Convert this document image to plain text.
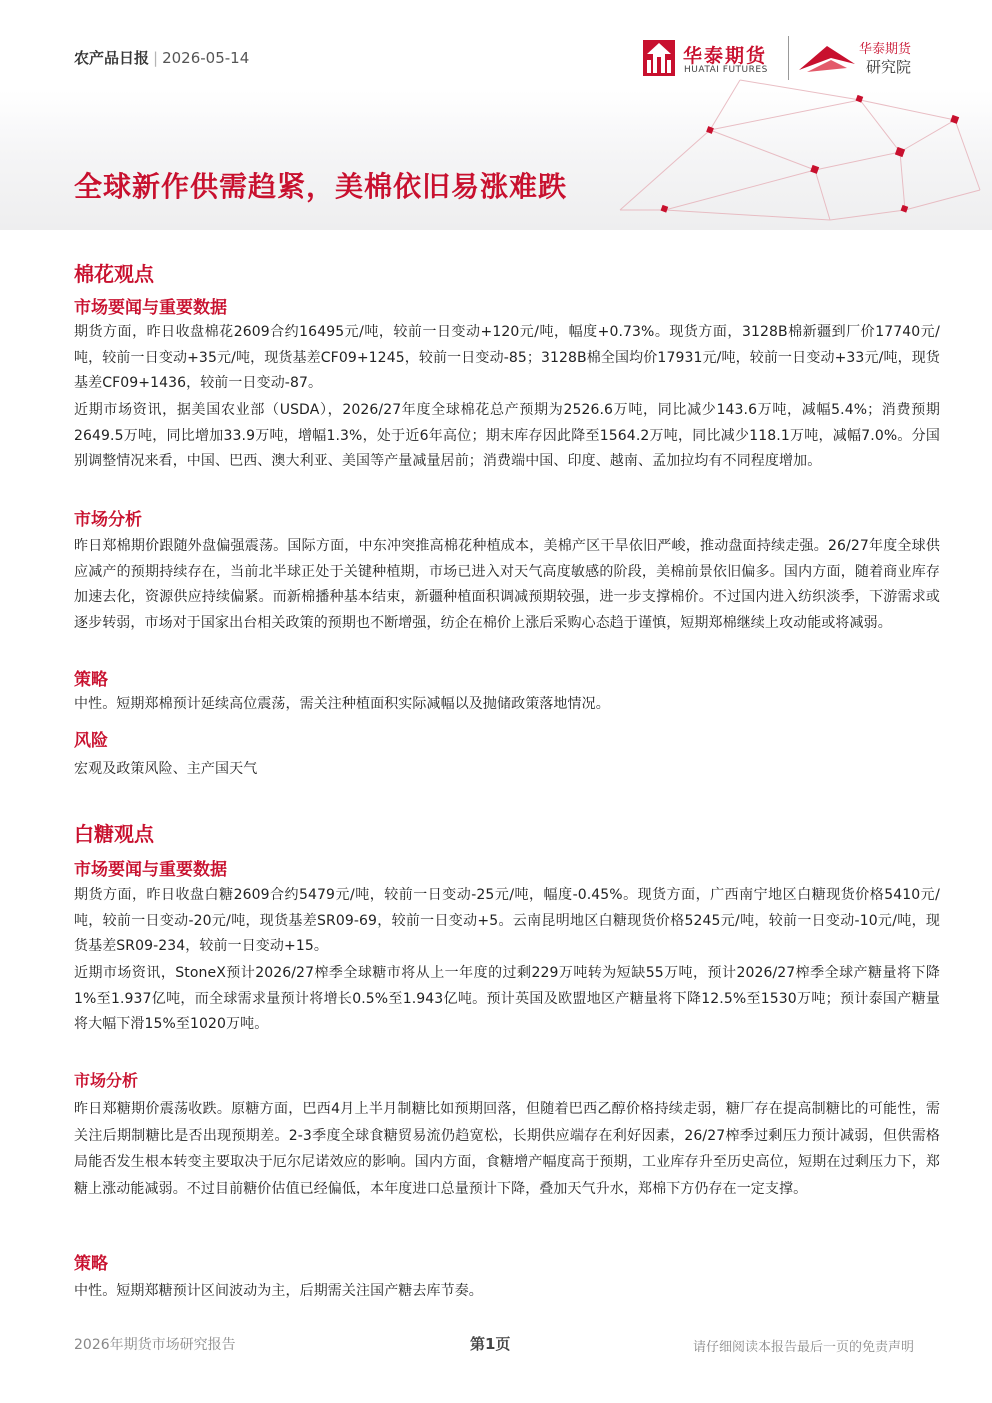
农产品日报 | 2026-05-14	华泰期货
HUATAI FUTURES
华泰期货
研究院
全球新作供需趋紧，美棉依旧易涨难跌
棉花观点
市场要闻与重要数据

期货方面，昨日收盘棉花2609合约16495元/吨，较前一日变动+120元/吨，幅度+0.73%。现货方面，3128B棉新疆到厂价17740元/吨，较前一日变动+35元/吨，现货基差CF09+1245，较前一日变动-85；3128B棉全国均价17931元/吨，较前一日变动+33元/吨，现货基差CF09+1436，较前一日变动-87。

近期市场资讯，据美国农业部（USDA），2026/27年度全球棉花总产预期为2526.6万吨，同比减少143.6万吨，减幅5.4%；消费预期2649.5万吨，同比增加33.9万吨，增幅1.3%，处于近6年高位；期末库存因此降至1564.2万吨，同比减少118.1万吨，减幅7.0%。分国别调整情况来看，中国、巴西、澳大利亚、美国等产量减量居前；消费端中国、印度、越南、孟加拉均有不同程度增加。

市场分析

昨日郑棉期价跟随外盘偏强震荡。国际方面，中东冲突推高棉花种植成本，美棉产区干旱依旧严峻，推动盘面持续走强。26/27年度全球供应减产的预期持续存在，当前北半球正处于关键种植期，市场已进入对天气高度敏感的阶段，美棉前景依旧偏多。国内方面，随着商业库存加速去化，资源供应持续偏紧。而新棉播种基本结束，新疆种植面积调减预期较强，进一步支撑棉价。不过国内进入纺织淡季，下游需求或逐步转弱，市场对于国家出台相关政策的预期也不断增强，纺企在棉价上涨后采购心态趋于谨慎，短期郑棉继续上攻动能或将减弱。

策略

中性。短期郑棉预计延续高位震荡，需关注种植面积实际减幅以及抛储政策落地情况。

风险

宏观及政策风险、主产国天气

白糖观点
市场要闻与重要数据

期货方面，昨日收盘白糖2609合约5479元/吨，较前一日变动-25元/吨，幅度-0.45%。现货方面，广西南宁地区白糖现货价格5410元/吨，较前一日变动-20元/吨，现货基差SR09-69，较前一日变动+5。云南昆明地区白糖现货价格5245元/吨，较前一日变动-10元/吨，现货基差SR09-234，较前一日变动+15。

近期市场资讯，StoneX预计2026/27榨季全球糖市将从上一年度的过剩229万吨转为短缺55万吨，预计2026/27榨季全球产糖量将下降1%至1.937亿吨，而全球需求量预计将增长0.5%至1.943亿吨。预计英国及欧盟地区产糖量将下降12.5%至1530万吨；预计泰国产糖量将大幅下滑15%至1020万吨。

市场分析

昨日郑糖期价震荡收跌。原糖方面，巴西4月上半月制糖比如预期回落，但随着巴西乙醇价格持续走弱，糖厂存在提高制糖比的可能性，需关注后期制糖比是否出现预期差。2-3季度全球食糖贸易流仍趋宽松，长期供应端存在利好因素，26/27榨季过剩压力预计减弱，但供需格局能否发生根本转变主要取决于厄尔尼诺效应的影响。国内方面，食糖增产幅度高于预期，工业库存升至历史高位，短期在过剩压力下，郑糖上涨动能减弱。不过目前糖价估值已经偏低，本年度进口总量预计下降，叠加天气升水，郑棉下方仍存在一定支撑。

策略

中性。短期郑糖预计区间波动为主，后期需关注国产糖去库节奏。

2026年期货市场研究报告	第1页	请仔细阅读本报告最后一页的免责声明
